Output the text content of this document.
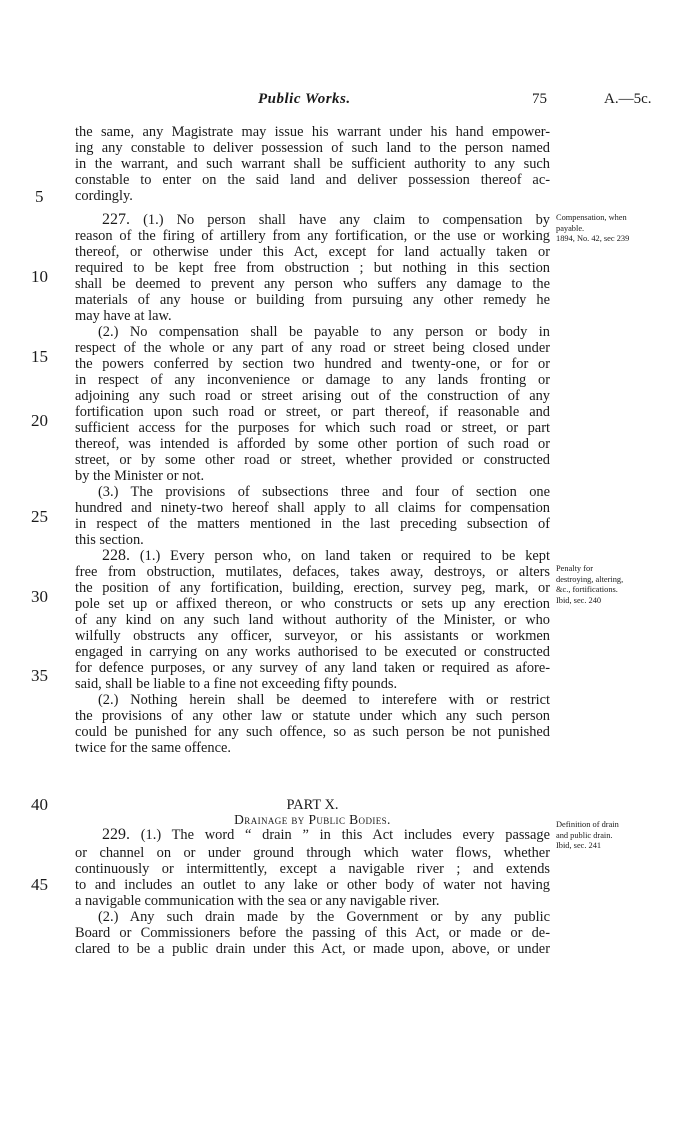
Public Works.	75	A.—5c.
5
10
15
20
25
30
35
40
45
the same, any Magistrate may issue his warrant under his hand empower-
ing any constable to deliver possession of such land to the person named
in the warrant, and such warrant shall be sufficient authority to any such
constable to enter on the said land and deliver possession thereof ac-
cordingly.
227. (1.) No person shall have any claim to compensation by
reason of the firing of artillery from any fortification, or the use or working
thereof, or otherwise under this Act, except for land actually taken or
required to be kept free from obstruction ; but nothing in this section
shall be deemed to prevent any person who suffers any damage to the
materials of any house or building from pursuing any other remedy he
may have at law.
(2.) No compensation shall be payable to any person or body in
respect of the whole or any part of any road or street being closed under
the powers conferred by section two hundred and twenty-one, or for or
in respect of any inconvenience or damage to any lands fronting or
adjoining any such road or street arising out of the construction of any
fortification upon such road or street, or part thereof, if reasonable and
sufficient access for the purposes for which such road or street, or part
thereof, was intended is afforded by some other portion of such road or
street, or by some other road or street, whether provided or constructed
by the Minister or not.
(3.) The provisions of subsections three and four of section one
hundred and ninety-two hereof shall apply to all claims for compensation
in respect of the matters mentioned in the last preceding subsection of
this section.
228. (1.) Every person who, on land taken or required to be kept
free from obstruction, mutilates, defaces, takes away, destroys, or alters
the position of any fortification, building, erection, survey peg, mark, or
pole set up or affixed thereon, or who constructs or sets up any erection
of any kind on any such land without authority of the Minister, or who
wilfully obstructs any officer, surveyor, or his assistants or workmen
engaged in carrying on any works authorised to be executed or constructed
for defence purposes, or any survey of any land taken or required as afore-
said, shall be liable to a fine not exceeding fifty pounds.
(2.) Nothing herein shall be deemed to interefere with or restrict
the provisions of any other law or statute under which any such person
could be punished for any such offence, so as such person be not punished
twice for the same offence.
229. (1.) The word “ drain ” in this Act includes every passage
or channel on or under ground through which water flows, whether
continuously or intermittently, except a navigable river ; and extends
to and includes an outlet to any lake or other body of water not having
a navigable communication with the sea or any navigable river.
(2.) Any such drain made by the Government or by any public
Board or Commissioners before the passing of this Act, or made or de-
clared to be a public drain under this Act, or made upon, above, or under
Compensation, when
payable.
1894, No. 42, sec 239
Penalty for
destroying, altering,
&c., fortifications.
Ibid, sec. 240
Definition of drain
and public drain.
Ibid, sec. 241
PART X.
Drainage by Public Bodies.
